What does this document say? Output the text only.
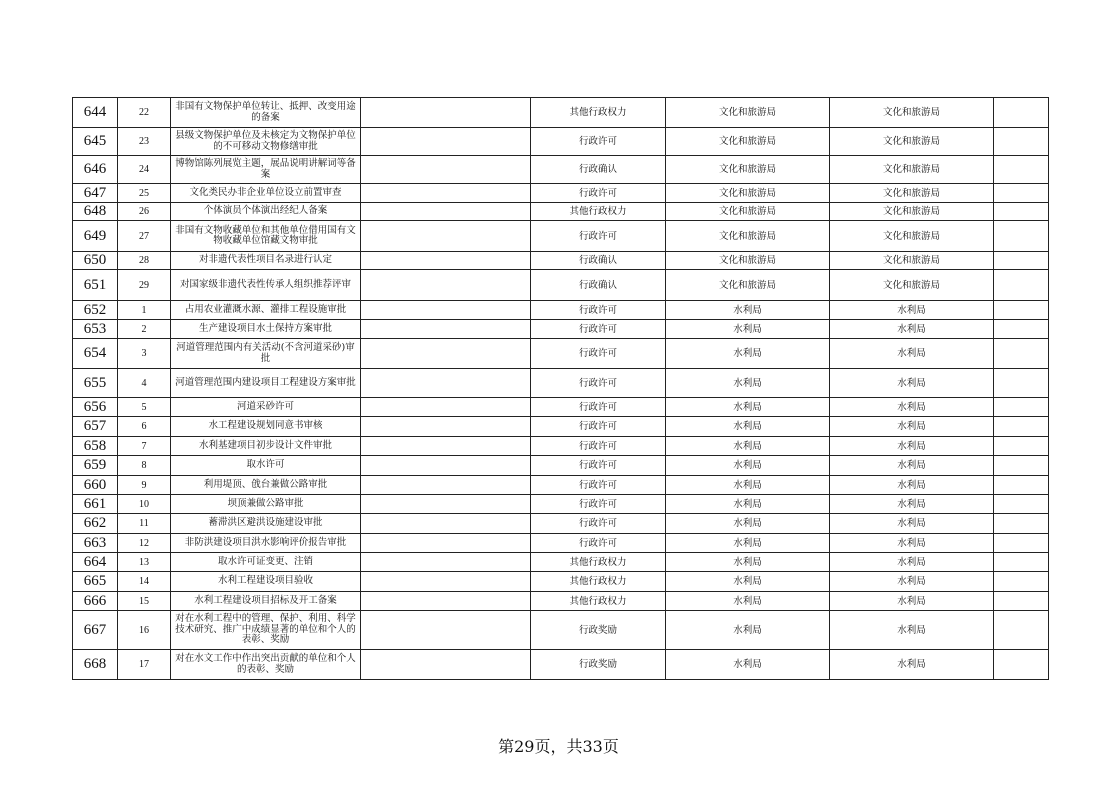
644	22	非国有文物保护单位转让、抵押、改变用途的备案		其他行政权力	文化和旅游局	文化和旅游局	
645	23	县级文物保护单位及未核定为文物保护单位的不可移动文物修缮审批		行政许可	文化和旅游局	文化和旅游局	
646	24	博物馆陈列展览主题，展品说明讲解词等备案		行政确认	文化和旅游局	文化和旅游局	
647	25	文化类民办非企业单位设立前置审查		行政许可	文化和旅游局	文化和旅游局	
648	26	个体演员个体演出经纪人备案		其他行政权力	文化和旅游局	文化和旅游局	
649	27	非国有文物收藏单位和其他单位借用国有文物收藏单位馆藏文物审批		行政许可	文化和旅游局	文化和旅游局	
650	28	对非遗代表性项目名录进行认定		行政确认	文化和旅游局	文化和旅游局	
651	29	对国家级非遗代表性传承人组织推荐评审		行政确认	文化和旅游局	文化和旅游局	
652	1	占用农业灌溉水源、灌排工程设施审批		行政许可	水利局	水利局	
653	2	生产建设项目水土保持方案审批		行政许可	水利局	水利局	
654	3	河道管理范围内有关活动(不含河道采砂)审批		行政许可	水利局	水利局	
655	4	河道管理范围内建设项目工程建设方案审批		行政许可	水利局	水利局	
656	5	河道采砂许可		行政许可	水利局	水利局	
657	6	水工程建设规划同意书审核		行政许可	水利局	水利局	
658	7	水利基建项目初步设计文件审批		行政许可	水利局	水利局	
659	8	取水许可		行政许可	水利局	水利局	
660	9	利用堤顶、戗台兼做公路审批		行政许可	水利局	水利局	
661	10	坝顶兼做公路审批		行政许可	水利局	水利局	
662	11	蓄滞洪区避洪设施建设审批		行政许可	水利局	水利局	
663	12	非防洪建设项目洪水影响评价报告审批		行政许可	水利局	水利局	
664	13	取水许可证变更、注销		其他行政权力	水利局	水利局	
665	14	水利工程建设项目验收		其他行政权力	水利局	水利局	
666	15	水利工程建设项目招标及开工备案		其他行政权力	水利局	水利局	
667	16	对在水利工程中的管理、保护、利用、科学技术研究、推广中成绩显著的单位和个人的表彰、奖励		行政奖励	水利局	水利局	
668	17	对在水文工作中作出突出贡献的单位和个人的表彰、奖励		行政奖励	水利局	水利局	
第29页，共33页
